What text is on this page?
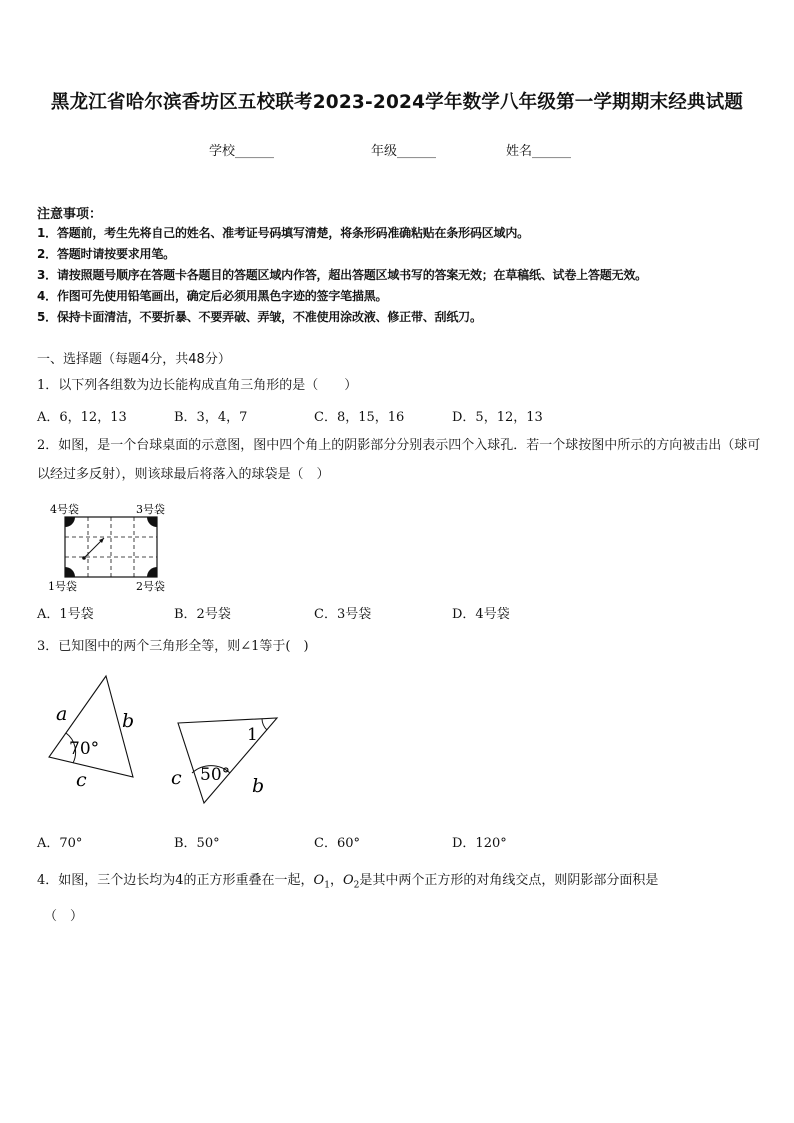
黑龙江省哈尔滨香坊区五校联考2023-2024学年数学八年级第一学期期末经典试题
学校______	年级______	姓名______
注意事项：
1．答题前，考生先将自己的姓名、准考证号码填写清楚，将条形码准确粘贴在条形码区域内。
2．答题时请按要求用笔。
3．请按照题号顺序在答题卡各题目的答题区域内作答，超出答题区域书写的答案无效；在草稿纸、试卷上答题无效。
4．作图可先使用铅笔画出，确定后必须用黑色字迹的签字笔描黑。
5．保持卡面清洁，不要折暴、不要弄破、弄皱，不准使用涂改液、修正带、刮纸刀。
一、选择题（每题4分，共48分）
1．以下列各组数为边长能构成直角三角形的是（　　）
A．6，12，13	B．3，4，7	C．8，15，16	D．5，12，13
2．如图，是一个台球桌面的示意图，图中四个角上的阴影部分分别表示四个入球孔．若一个球按图中所示的方向被击出（球可以经过多反射），则该球最后将落入的球袋是（　）
4号袋	3号袋
1号袋	2号袋
A．1号袋	B．2号袋	C．3号袋	D．4号袋
3．已知图中的两个三角形全等，则∠1等于(　)
a	b
c
70°
1
c	b
50°
A．70°	B．50°	C．60°	D．120°
4．如图，三个边长均为4的正方形重叠在一起，$O_1$，$O_2$是其中两个正方形的对角线交点，则阴影部分面积是
（　）
